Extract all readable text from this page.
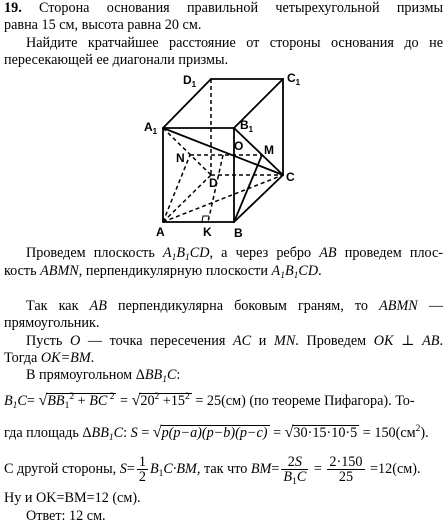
19. Сторона основания правильной четырехугольной призмы
равна 15 см, высота равна 20 см.
Найдите кратчайшее расстояние от стороны основания до не
пересекающей ее диагонали призмы.
$D_1$	$C_1$
$A_1$	$B_1$
O M
N
D	C
A	K B
Проведем плоскость $A_1B_1CD$, а через ребро AB проведем плос-
кость ABMN, перпендикулярную плоскости $A_1B_1CD$.
Так как AB перпендикулярна боковым граням, то ABMN —
прямоугольник.
Пусть O — точка пересечения AC и MN. Проведем OK ⊥ AB.
Тогда OK=BM.
В прямоугольном $\Delta BB_1C$:
$B_1C= √BB_1^2$ + BC $^2 = √20^2 +15^2 = 25(см)$ (по теореме Пифагора). То-
гда площадь $\Delta BB_1C$: $S = √p(p-a)(p-b)(p-c) = √30\cdot 15\cdot 10\cdot 5 = 150(см^2)$.
С другой стороны, $S= \frac{1}{2} B_1C\cdot BM$, так что $BM= \frac{2S}{B_1C} = \frac{2\cdot 150}{25} =12(см)$.
Ну и OK=BM=12 (см).
Ответ: 12 см.
